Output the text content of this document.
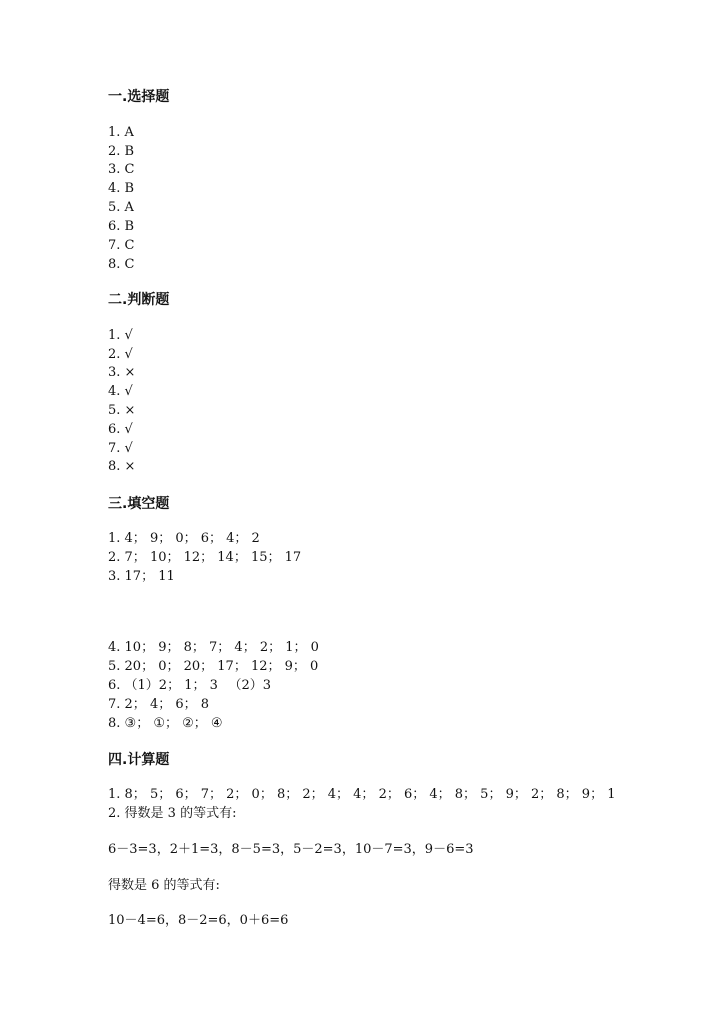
一.选择题
1. A
2. B
3. C
4. B
5. A
6. B
7. C
8. C
二.判断题
1. √
2. √
3. ×
4. √
5. ×
6. √
7. √
8. ×
三.填空题
1. 4； 9； 0； 6； 4； 2
2. 7； 10； 12； 14； 15； 17
3. 17； 11
4. 10； 9； 8； 7； 4； 2； 1； 0
5. 20； 0； 20； 17； 12； 9； 0
6. （1）2； 1； 3 　（2）3
7. 2； 4； 6； 8
8. ③； ①； ②； ④
四.计算题
1. 8； 5； 6； 7； 2； 0； 8； 2； 4； 4； 2； 6； 4； 8； 5； 9； 2； 8； 9； 1
2. 得数是 3 的等式有:
6－3=3，2＋1=3，8－5=3，5－2=3，10－7=3，9－6=3
得数是 6 的等式有:
10－4=6，8－2=6，0＋6=6
